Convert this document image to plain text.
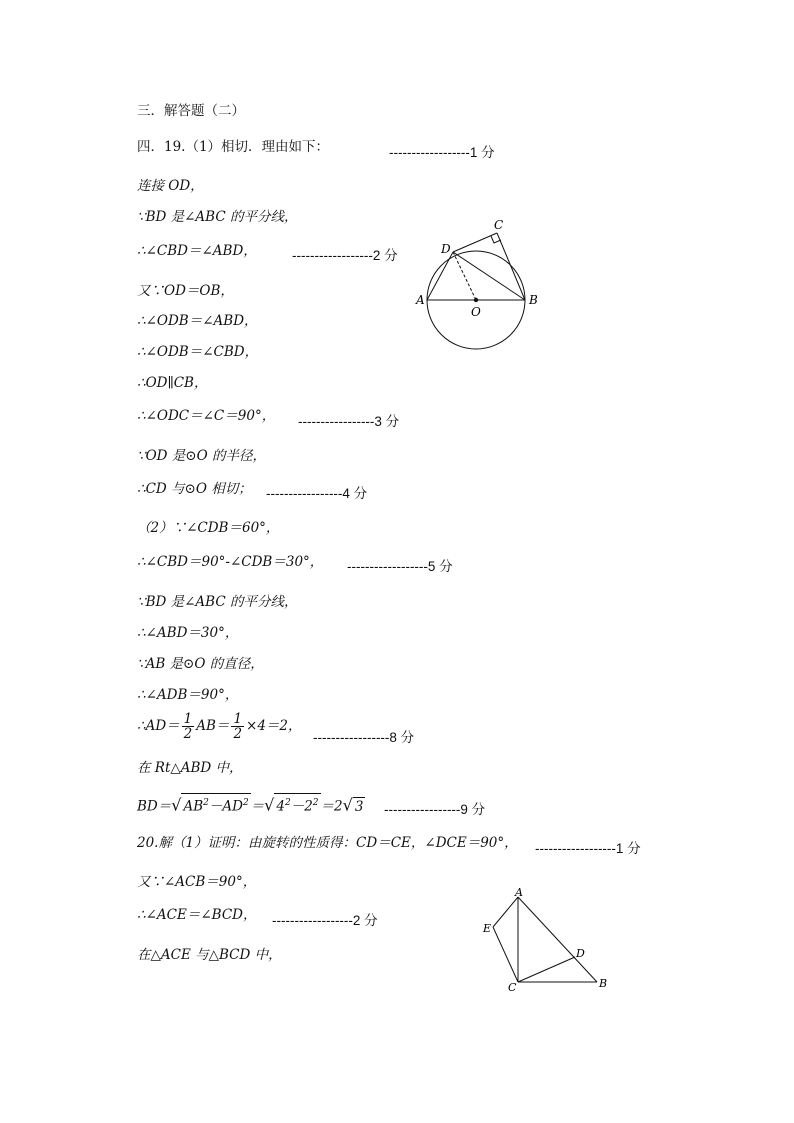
三．解答题（二）
四．19.（1）相切．理由如下：	------------------1 分
连接 OD，
∵BD 是∠ABC 的平分线，
∴∠CBD＝∠ABD，	------------------2 分
又∵OD＝OB，
∴∠ODB＝∠ABD，
∴∠ODB＝∠CBD，
∴OD∥CB，
∴∠ODC＝∠C＝90°， -----------------3 分
∵OD 是⊙O 的半径，
∴CD 与⊙O 相切； -----------------4 分
（2）∵∠CDB＝60°，
∴∠CBD＝90°-∠CDB＝30°， ------------------5 分
∵BD 是∠ABC 的平分线，
∴∠ABD＝30°，
∵AB 是⊙O 的直径，
∴∠ADB＝90°，
∴AD＝ $\frac{1}{2} AB= \frac{1}{2} \times 4=2$，
-----------------8 分
在 Rt△ABD 中，
BD＝√ $AB^2-AD^2$ ＝√ $4^2-2^2 =2√$ 3 -----------------9 分
20.解（1）证明：由旋转的性质得：CD＝CE，∠DCE＝90°， ------------------1 分
又∵∠ACB＝90°，
∴∠ACE＝∠BCD， ------------------2 分
在△ACE 与△BCD 中，
A	B
C
D
O
A
B
C
D
E
